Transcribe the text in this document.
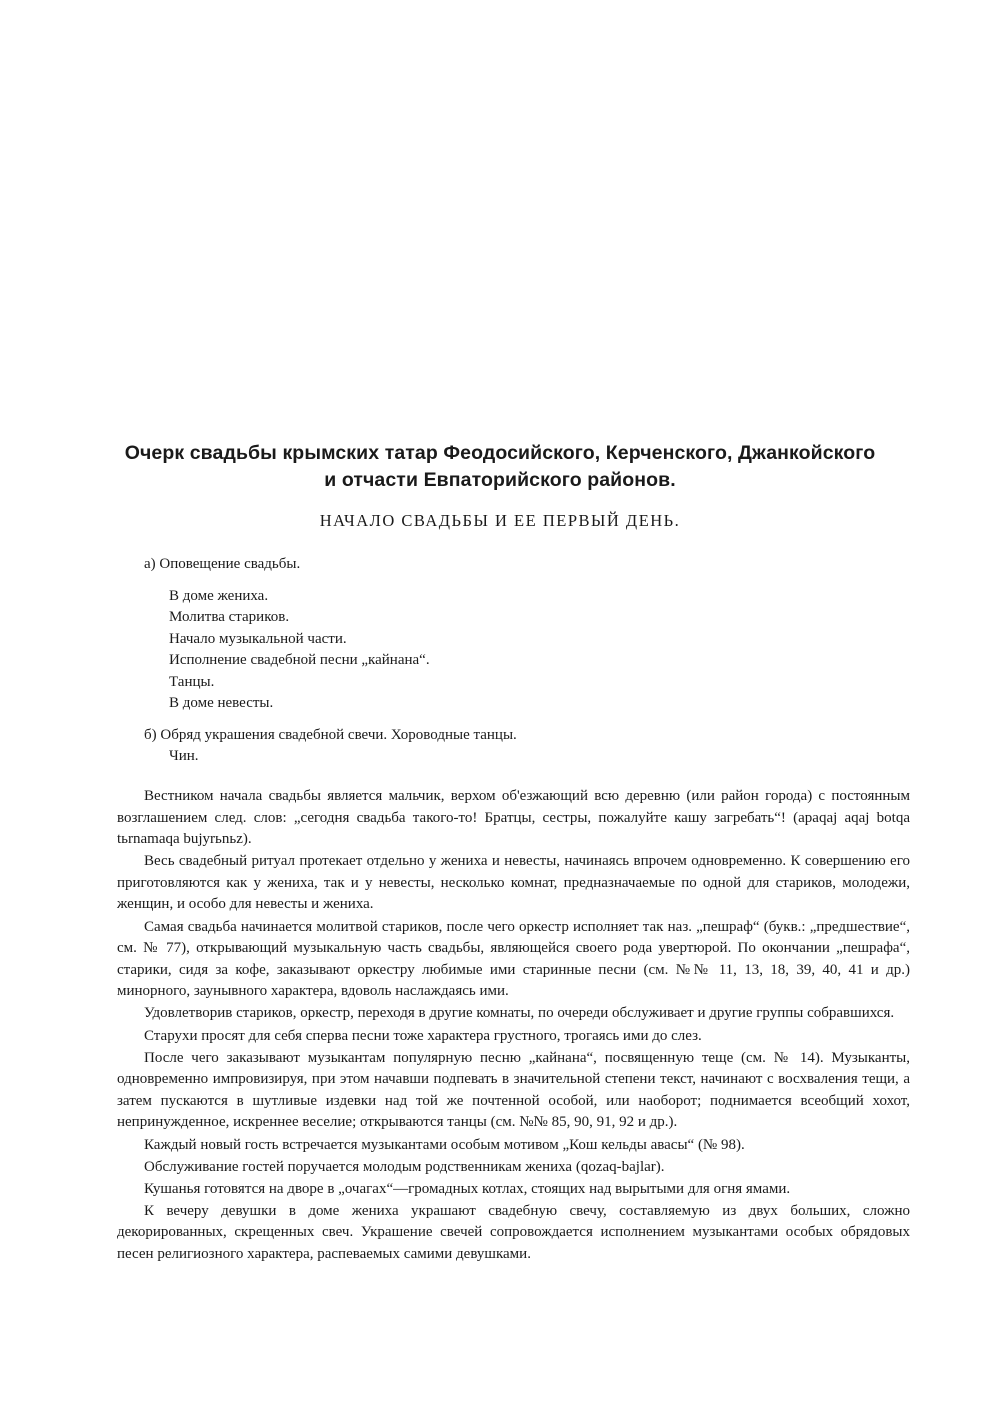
Очерк свадьбы крымских татар Феодосийского, Керченского, Джанкойского
и отчасти Евпаторийского районов.
НАЧАЛО СВАДЬБЫ И ЕЕ ПЕРВЫЙ ДЕНЬ.
а) Оповещение свадьбы.
В доме жениха.
Молитва стариков.
Начало музыкальной части.
Исполнение свадебной песни „кайнана“.
Танцы.
В доме невесты.
б) Обряд украшения свадебной свечи. Хороводные танцы.
Чин.

Вестником начала свадьбы является мальчик, верхом об'езжающий всю деревню (или район города) с постоянным возглашением след. слов: „сегодня свадьба такого-то! Братцы, сестры, пожалуйте кашу загребать“! (apaqaj aqaj botqa tьrnamaqa bujyrьnьz).

Весь свадебный ритуал протекает отдельно у жениха и невесты, начинаясь впрочем одновременно. К совершению его приготовляются как у жениха, так и у невесты, несколько комнат, предназначаемые по одной для стариков, молодежи, женщин, и особо для невесты и жениха.

Самая свадьба начинается молитвой стариков, после чего оркестр исполняет так наз. „пешраф“ (букв.: „предшествие“, см. № 77), открывающий музыкальную часть свадьбы, являющейся своего рода увертюрой. По окончании „пешрафа“, старики, сидя за кофе, заказывают оркестру любимые ими старинные песни (см. №№ 11, 13, 18, 39, 40, 41 и др.) минорного, заунывного характера, вдоволь наслаждаясь ими.

Удовлетворив стариков, оркестр, переходя в другие комнаты, по очереди обслуживает и другие группы собравшихся.

Старухи просят для себя сперва песни тоже характера грустного, трогаясь ими до слез.

После чего заказывают музыкантам популярную песню „кайнана“, посвященную теще (см. № 14). Музыканты, одновременно импровизируя, при этом начавши подпевать в значительной степени текст, начинают с восхваления тещи, а затем пускаются в шутливые издевки над той же почтенной особой, или наоборот; поднимается всеобщий хохот, непринужденное, искреннее веселие; открываются танцы (см. №№ 85, 90, 91, 92 и др.).

Каждый новый гость встречается музыкантами особым мотивом „Кош кельды авасы“ (№ 98).

Обслуживание гостей поручается молодым родственникам жениха (qozaq-bajlar).

Кушанья готовятся на дворе в „очагах“—громадных котлах, стоящих над вырытыми для огня ямами.

К вечеру девушки в доме жениха украшают свадебную свечу, составляемую из двух больших, сложно декорированных, скрещенных свеч. Украшение свечей сопровождается исполнением музыкантами особых обрядовых песен религиозного характера, распеваемых самими девушками.
